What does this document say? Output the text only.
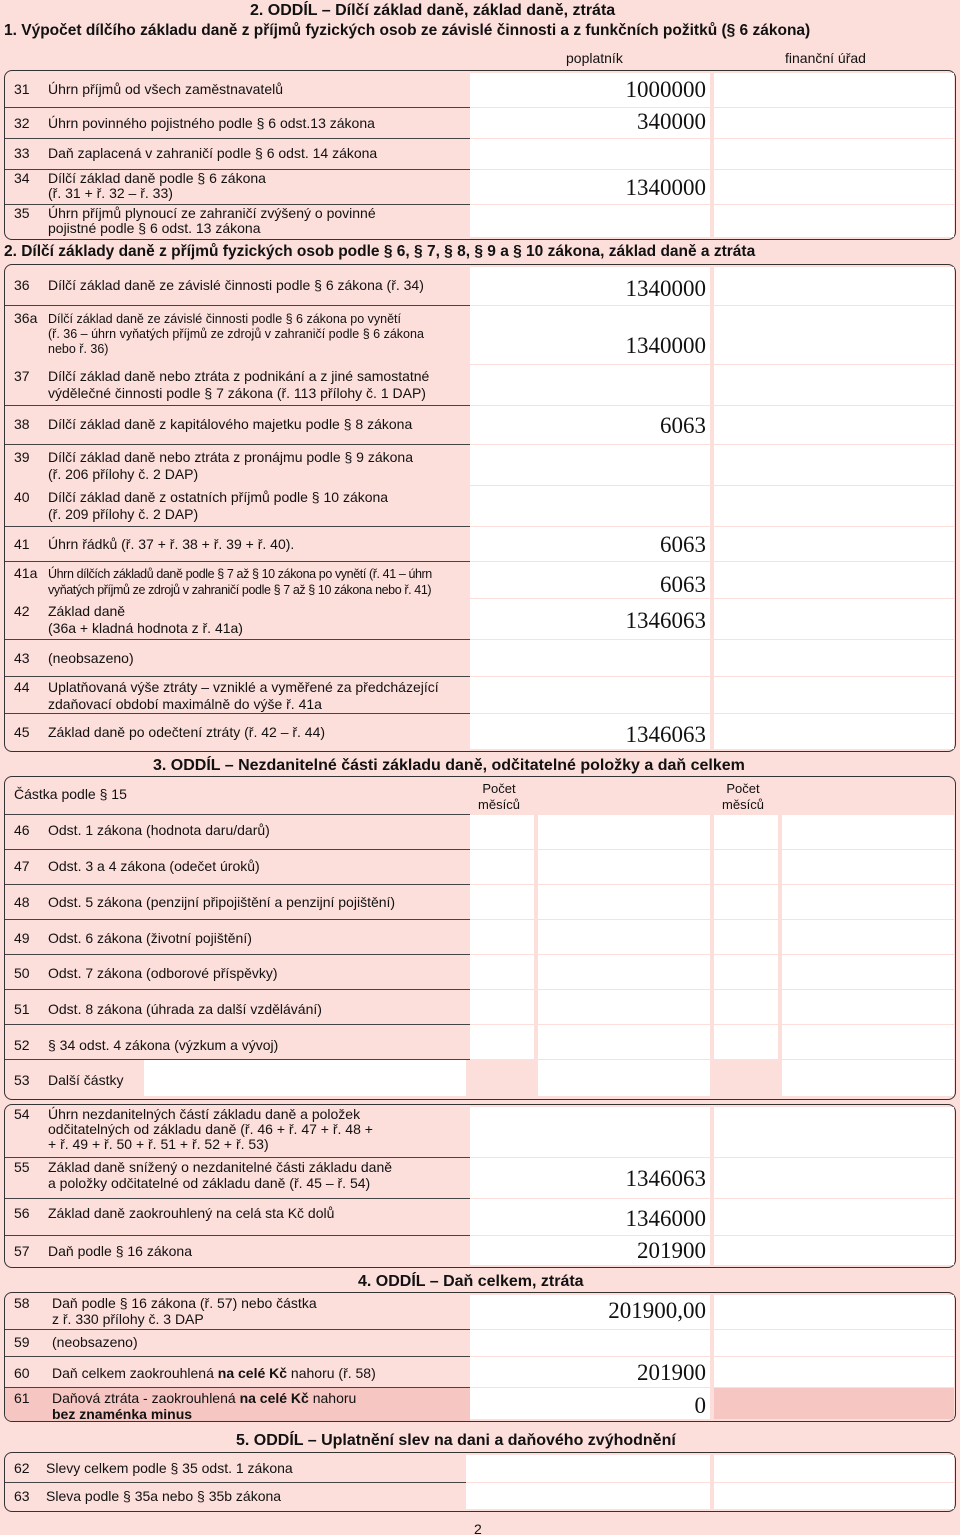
2. ODDÍL – Dílčí základ daně, základ daně, ztráta
1. Výpočet dílčího základu daně z příjmů fyzických osob ze závislé činnosti a z funkčních požitků (§ 6 zákona)
poplatník	finanční úřad
31 Úhrn příjmů od všech zaměstnavatelů	1000000
32 Úhrn povinného pojistného podle § 6 odst.13 zákona	340000
33 Daň zaplacená v zahraničí podle § 6 odst. 14 zákona
34 Dílčí základ daně podle § 6 zákona
(ř. 31 + ř. 32 – ř. 33)	1340000
35 Úhrn příjmů plynoucí ze zahraničí zvýšený o povinné
pojistné podle § 6 odst. 13 zákona
2. Dílčí základy daně z příjmů fyzických osob podle § 6, § 7, § 8, § 9 a § 10 zákona, základ daně a ztráta
36 Dílčí základ daně ze závislé činnosti podle § 6 zákona (ř. 34)	1340000
36a Dílčí základ daně ze závislé činnosti podle § 6 zákona po vynětí
(ř. 36 – úhrn vyňatých příjmů ze zdrojů v zahraničí podle § 6 zákona
nebo ř. 36)	1340000
37 Dílčí základ daně nebo ztráta z podnikání a z jiné samostatné
výdělečné činnosti podle § 7 zákona (ř. 113 přílohy č. 1 DAP)
38 Dílčí základ daně z kapitálového majetku podle § 8 zákona	6063
39 Dílčí základ daně nebo ztráta z pronájmu podle § 9 zákona
(ř. 206 přílohy č. 2 DAP)
40 Dílčí základ daně z ostatních příjmů podle § 10 zákona
(ř. 209 přílohy č. 2 DAP)
41 Úhrn řádků (ř. 37 + ř. 38 + ř. 39 + ř. 40).	6063
41a Úhrn dílčích základů daně podle § 7 až § 10 zákona po vynětí (ř. 41 – úhrn
vyňatých příjmů ze zdrojů v zahraničí podle § 7 až § 10 zákona nebo ř. 41)	6063
42 Základ daně
(36a + kladná hodnota z ř. 41a)	1346063
43 (neobsazeno)
44 Uplatňovaná výše ztráty – vzniklé a vyměřené za předcházející
zdaňovací období maximálně do výše ř. 41a
45 Základ daně po odečtení ztráty (ř. 42 – ř. 44)	1346063
3. ODDÍL – Nezdanitelné části základu daně, odčitatelné položky a daň celkem
Částka podle § 15	Počet měsíců
Počet měsíců
46 Odst. 1 zákona (hodnota daru/darů)
47 Odst. 3 a 4 zákona (odečet úroků)
48 Odst. 5 zákona (penzijní připojištění a penzijní pojištění)
49 Odst. 6 zákona (životní pojištění)
50 Odst. 7 zákona (odborové příspěvky)
51 Odst. 8 zákona (úhrada za další vzdělávání)
52 § 34 odst. 4 zákona (výzkum a vývoj)
53 Další částky
54 Úhrn nezdanitelných částí základu daně a položek
odčitatelných od základu daně (ř. 46 + ř. 47 + ř. 48 +
+ ř. 49 + ř. 50 + ř. 51 + ř. 52 + ř. 53)
55 Základ daně snížený o nezdanitelné části základu daně
a položky odčitatelné od základu daně (ř. 45 – ř. 54)	1346063
56 Základ daně zaokrouhlený na celá sta Kč dolů	1346000
57 Daň podle § 16 zákona	201900
4. ODDÍL – Daň celkem, ztráta
58 Daň podle § 16 zákona (ř. 57) nebo částka
z ř. 330 přílohy č. 3 DAP	201900,00
59 (neobsazeno)
60 Daň celkem zaokrouhlená na celé Kč nahoru (ř. 58)	201900
61 Daňová ztráta - zaokrouhlená na celé Kč nahoru
bez znaménka minus	0
5. ODDÍL – Uplatnění slev na dani a daňového zvýhodnění
62 Slevy celkem podle § 35 odst. 1 zákona
63 Sleva podle § 35a nebo § 35b zákona
2
